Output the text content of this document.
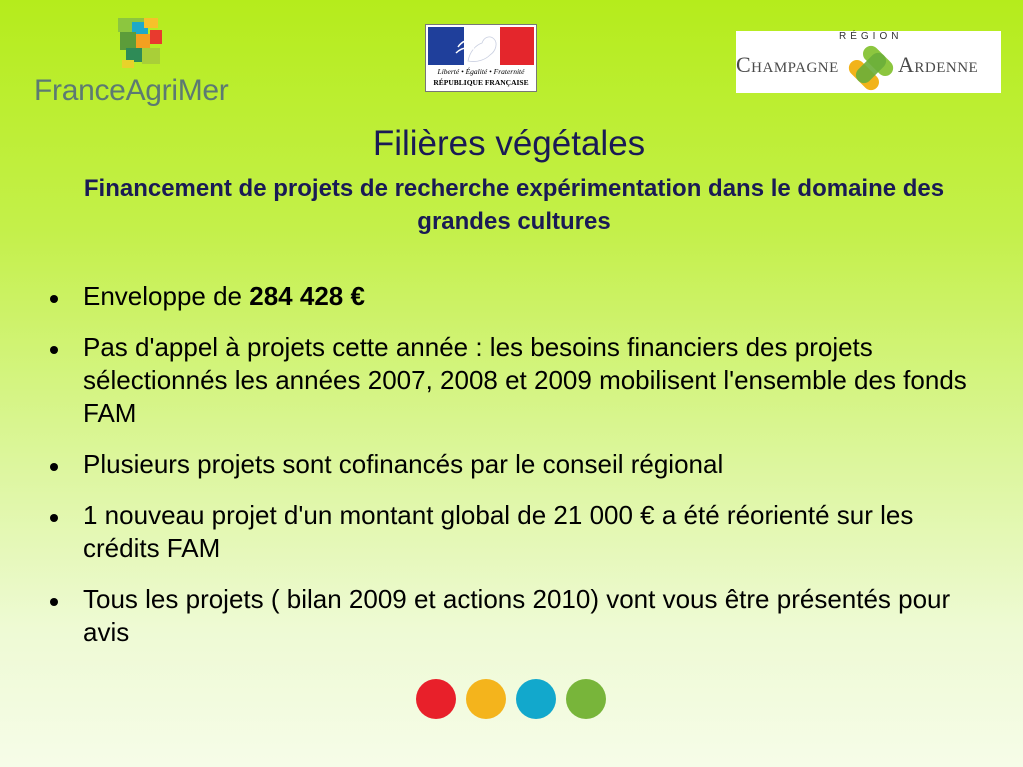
FranceAgriMer
Liberté • Égalité • Fraternité
RÉPUBLIQUE FRANÇAISE
RÉGION
Champagne	Ardenne
Filières végétales
Financement de projets de recherche expérimentation dans le domaine des grandes cultures
Enveloppe de 284 428 €
Pas d'appel à projets cette année : les besoins financiers des projets sélectionnés les années 2007, 2008 et 2009 mobilisent l'ensemble des fonds FAM
Plusieurs projets sont cofinancés par le conseil régional
1 nouveau projet d'un montant global de 21 000 € a été réorienté sur les crédits FAM
Tous les projets ( bilan 2009 et actions 2010) vont vous être présentés pour avis
